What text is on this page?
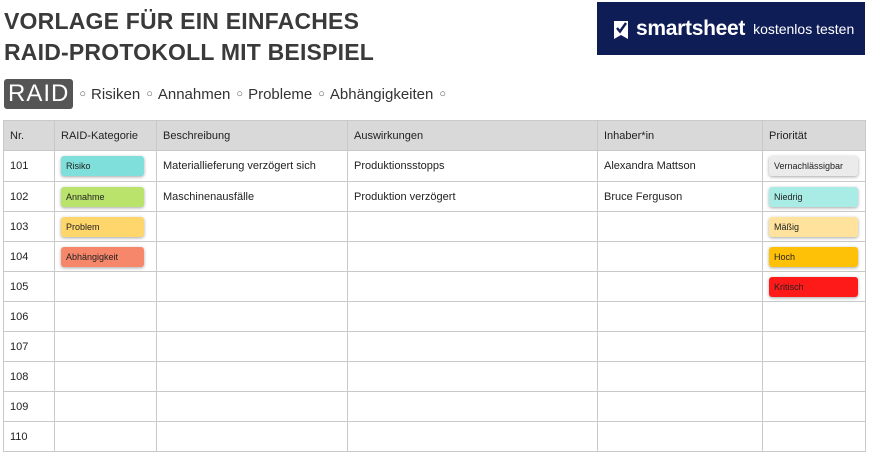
VORLAGE FÜR EIN EINFACHES RAID-PROTOKOLL MIT BEISPIEL
smartsheet kostenlos testen
RAID ○ Risiken ○ Annahmen ○ Probleme ○ Abhängigkeiten ○
Nr.	RAID-Kategorie	Beschreibung	Auswirkungen	Inhaber*in	Priorität
101	Risiko	Materiallieferung verzögert sich	Produktionsstopps	Alexandra Mattson	Vernachlässigbar
102	Annahme	Maschinenausfälle	Produktion verzögert	Bruce Ferguson	Niedrig
103	Problem				Mäßig
104	Abhängigkeit				Hoch
105					Kritisch
106					
107					
108					
109					
110					
